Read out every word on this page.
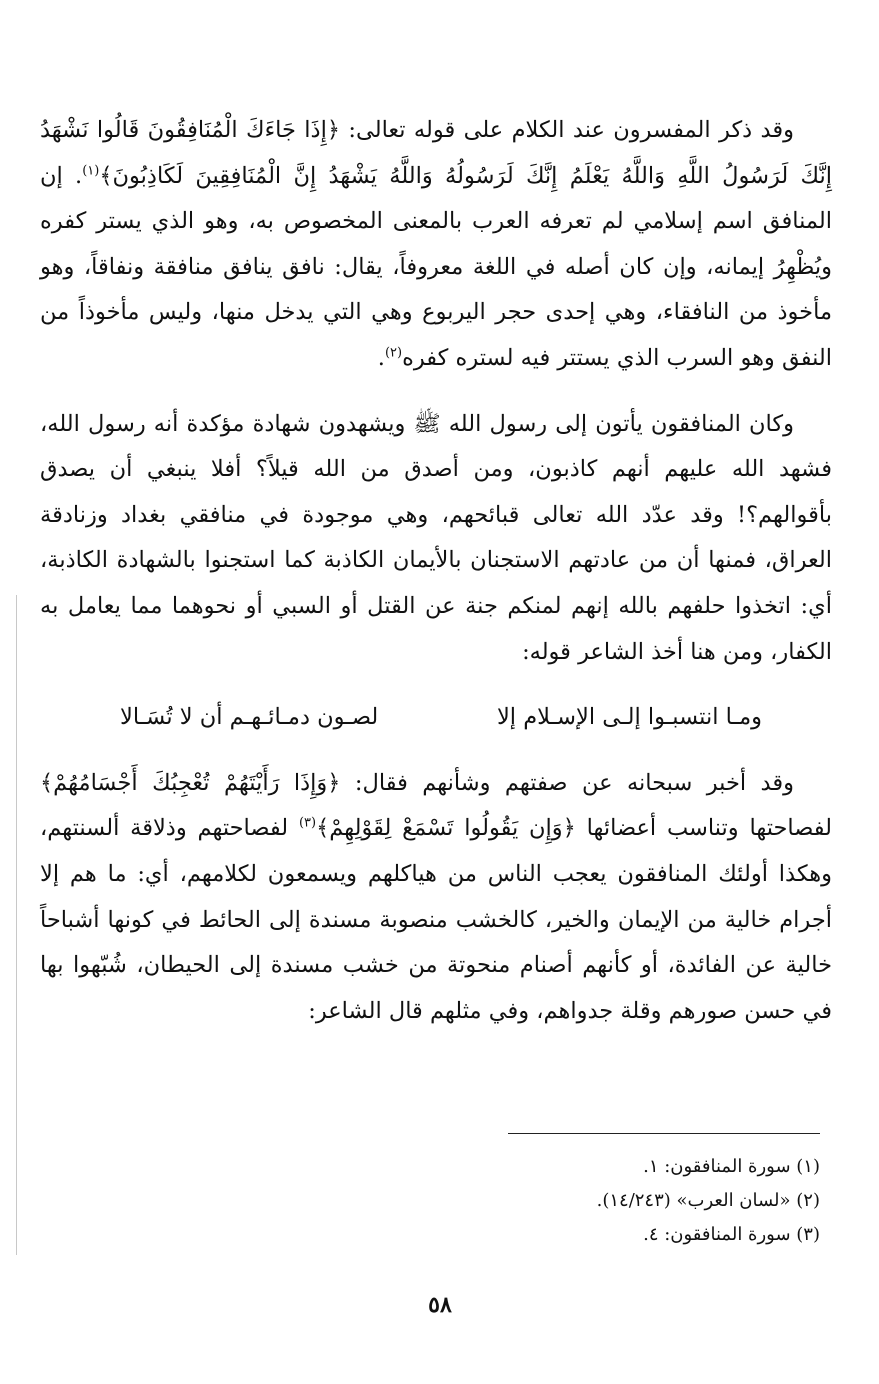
وقد ذكر المفسرون عند الكلام على قوله تعالى: ﴿إِذَا جَاءَكَ الْمُنَافِقُونَ قَالُوا نَشْهَدُ إِنَّكَ لَرَسُولُ اللَّهِ وَاللَّهُ يَعْلَمُ إِنَّكَ لَرَسُولُهُ وَاللَّهُ يَشْهَدُ إِنَّ الْمُنَافِقِينَ لَكَاذِبُونَ﴾$^{(١)}$. إن المنافق اسم إسلامي لم تعرفه العرب بالمعنى المخصوص به، وهو الذي يستر كفره ويُظْهِرُ إيمانه، وإن كان أصله في اللغة معروفاً، يقال: نافق ينافق منافقة ونفاقاً، وهو مأخوذ من النافقاء، وهي إحدى حجر اليربوع وهي التي يدخل منها، وليس مأخوذاً من النفق وهو السرب الذي يستتر فيه لستره كفره$^{(٢)}$.

وكان المنافقون يأتون إلى رسول الله ﷺ ويشهدون شهادة مؤكدة أنه رسول الله، فشهد الله عليهم أنهم كاذبون، ومن أصدق من الله قيلاً؟ أفلا ينبغي أن يصدق بأقوالهم؟! وقد عدّد الله تعالى قبائحهم، وهي موجودة في منافقي بغداد وزنادقة العراق، فمنها أن من عادتهم الاستجنان بالأيمان الكاذبة كما استجنوا بالشهادة الكاذبة، أي: اتخذوا حلفهم بالله إنهم لمنكم جنة عن القتل أو السبي أو نحوهما مما يعامل به الكفار، ومن هنا أخذ الشاعر قوله:

ومـا انتسبـوا إلـى الإسـلام إلا
لصـون دمـائـهـم أن لا تُسَـالا

وقد أخبر سبحانه عن صفتهم وشأنهم فقال: ﴿وَإِذَا رَأَيْتَهُمْ تُعْجِبُكَ أَجْسَامُهُمْ﴾ لفصاحتها وتناسب أعضائها ﴿وَإِن يَقُولُوا تَسْمَعْ لِقَوْلِهِمْ﴾$^{(٣)}$ لفصاحتهم وذلاقة ألسنتهم، وهكذا أولئك المنافقون يعجب الناس من هياكلهم ويسمعون لكلامهم، أي: ما هم إلا أجرام خالية من الإيمان والخير، كالخشب منصوبة مسندة إلى الحائط في كونها أشباحاً خالية عن الفائدة، أو كأنهم أصنام منحوتة من خشب مسندة إلى الحيطان، شُبّهوا بها في حسن صورهم وقلة جدواهم، وفي مثلهم قال الشاعر:

(١) سورة المنافقون: ١.

(٢) «لسان العرب» (١٤/٢٤٣).

(٣) سورة المنافقون: ٤.

٥٨
